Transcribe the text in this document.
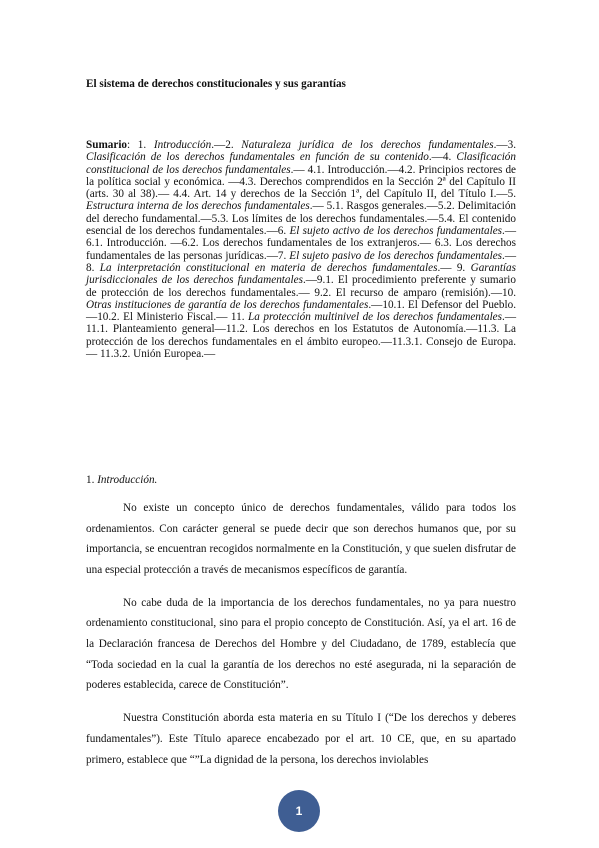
El sistema de derechos constitucionales y sus garantías
Sumario: 1. Introducción.—2. Naturaleza jurídica de los derechos fundamentales.—3. Clasificación de los derechos fundamentales en función de su contenido.—4. Clasificación constitucional de los derechos fundamentales.— 4.1. Introducción.—4.2. Principios rectores de la política social y económica. —4.3. Derechos comprendidos en la Sección 2ª del Capítulo II (arts. 30 al 38).— 4.4. Art. 14 y derechos de la Sección 1ª, del Capítulo II, del Título I.—5. Estructura interna de los derechos fundamentales.— 5.1. Rasgos generales.—5.2. Delimitación del derecho fundamental.—5.3. Los límites de los derechos fundamentales.—5.4. El contenido esencial de los derechos fundamentales.—6. El sujeto activo de los derechos fundamentales.—6.1. Introducción. —6.2. Los derechos fundamentales de los extranjeros.— 6.3. Los derechos fundamentales de las personas jurídicas.—7. El sujeto pasivo de los derechos fundamentales.—8. La interpretación constitucional en materia de derechos fundamentales.— 9. Garantías jurisdiccionales de los derechos fundamentales.—9.1. El procedimiento preferente y sumario de protección de los derechos fundamentales.— 9.2. El recurso de amparo (remisión).—10. Otras instituciones de garantía de los derechos fundamentales.—10.1. El Defensor del Pueblo.—10.2. El Ministerio Fiscal.— 11. La protección multinivel de los derechos fundamentales.—11.1. Planteamiento general—11.2. Los derechos en los Estatutos de Autonomía.—11.3. La protección de los derechos fundamentales en el ámbito europeo.—11.3.1. Consejo de Europa.— 11.3.2. Unión Europea.—
1. Introducción.

No existe un concepto único de derechos fundamentales, válido para todos los ordenamientos. Con carácter general se puede decir que son derechos humanos que, por su importancia, se encuentran recogidos normalmente en la Constitución, y que suelen disfrutar de una especial protección a través de mecanismos específicos de garantía.

No cabe duda de la importancia de los derechos fundamentales, no ya para nuestro ordenamiento constitucional, sino para el propio concepto de Constitución. Así, ya el art. 16 de la Declaración francesa de Derechos del Hombre y del Ciudadano, de 1789, establecía que “Toda sociedad en la cual la garantía de los derechos no esté asegurada, ni la separación de poderes establecida, carece de Constitución”.

Nuestra Constitución aborda esta materia en su Título I (“De los derechos y deberes fundamentales”). Este Título aparece encabezado por el art. 10 CE, que, en su apartado primero, establece que “”La dignidad de la persona, los derechos inviolables

1
